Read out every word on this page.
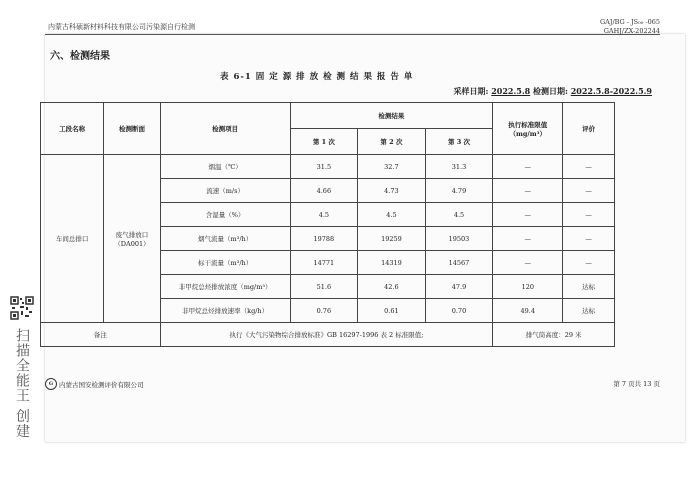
内蒙古科硕新材料科技有限公司污染源自行检测
GAJ/BG - JS₀₀ -065
GAHJ/ZX-202244
六、检测结果
表 6-1 固 定 源 排 放 检 测 结 果 报 告 单
采样日期: 2022.5.8 检测日期: 2022.5.8-2022.5.9
工段名称	检测断面	检测项目	检测结果			执行标准限值（mg/m³）	评价
			第 1 次	第 2 次	第 3 次		
车间总排口	废气排放口（DA001）	烟温（℃）	31.5	32.7	31.3	—	—
		流速（m/s）	4.66	4.73	4.79	—	—
		含湿量（%）	4.5	4.5	4.5	—	—
		烟气流量（m³/h）	19788	19259	19503	—	—
		标干流量（m³/h）	14771	14319	14567	—	—
		非甲烷总烃排放浓度（mg/m³）	51.6	42.6	47.9	120	达标
		非甲烷总烃排放速率（kg/h）	0.76	0.61	0.70	49.4	达标
备注		执行《大气污染物综合排放标准》GB 16297-1996 表 2 标准限值;				排气筒高度：29 米	
G 内蒙古国安检测评价有限公司	第 7 页共 13 页
扫描全能王 创建
